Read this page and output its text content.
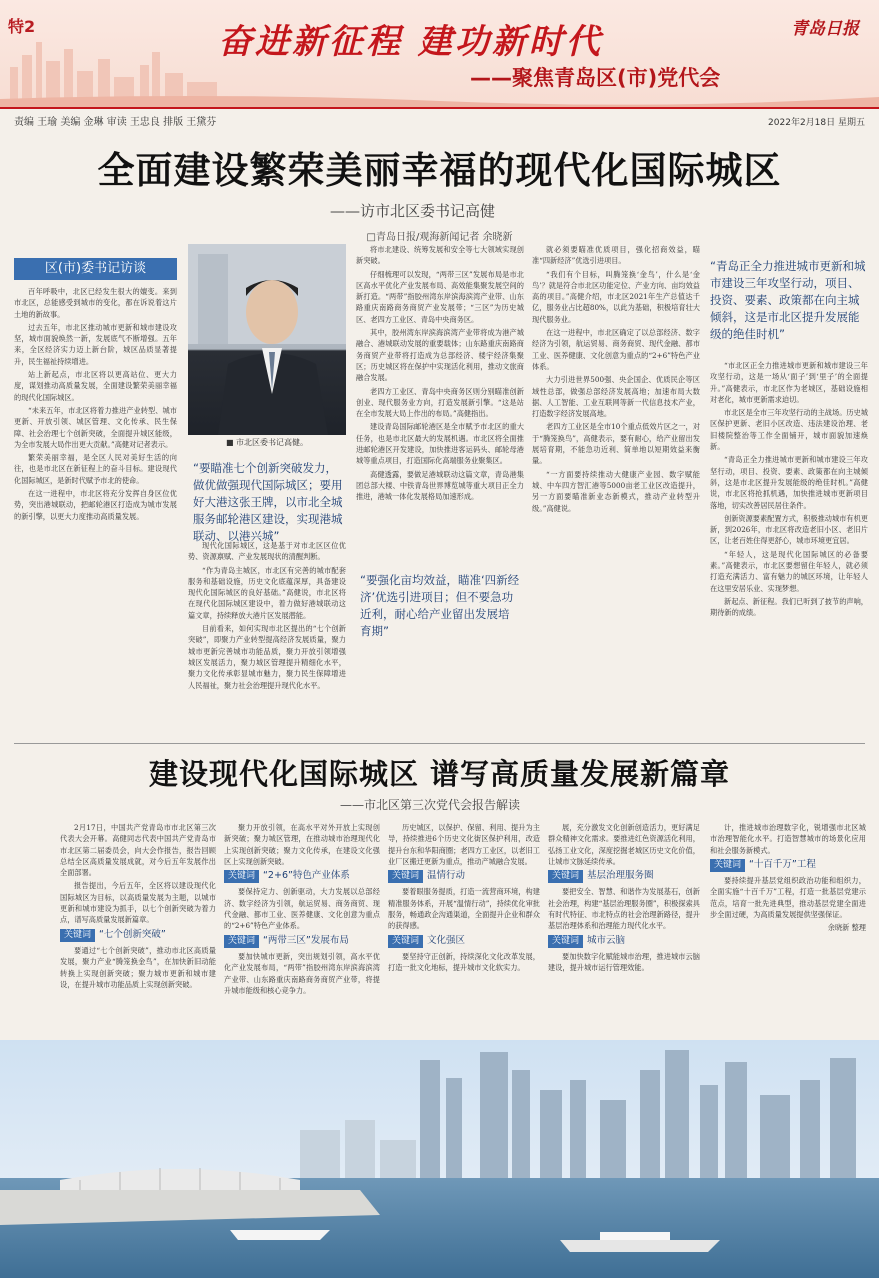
特2	奋进新征程 建功新时代
——聚焦青岛区(市)党代会
青岛日报
责编 王瑜 美编 金琳 审读 王忠良 排版 王黛芬	2022年2月18日 星期五
全面建设繁荣美丽幸福的现代化国际城区
——访市北区委书记高健
□青岛日报/观海新闻记者 余晓新
区(市)委书记访谈

百年呼吸中，北区已经发生很大的嬗变。来到市北区，总能感受到城市的变化，都在诉说着这片土地的新故事。

过去五年，市北区推动城市更新和城市建设攻坚，城市面貌焕然一新，发展底气不断增强。五年来，全区经济实力迈上新台阶，城区品质显著提升，民生福祉持续增进。

站上新起点，市北区将以更高站位、更大力度，谋划推动高质量发展，全面建设繁荣美丽幸福的现代化国际城区。

“未来五年，市北区将着力推进产业转型、城市更新、开放引领、城区管理、文化传承、民生保障、社会治理七个创新突破，全面提升城区能级，为全市发展大局作出更大贡献。”高健对记者表示。

繁荣美丽幸福，是全区人民对美好生活的向往，也是市北区在新征程上的奋斗目标。建设现代化国际城区，是新时代赋予市北的使命。

在这一进程中，市北区将充分发挥自身区位优势，突出港城联动，把邮轮港区打造成为城市发展的新引擎，以更大力度推动高质量发展。

■ 市北区委书记高健。
“要瞄准七个创新突破发力，做优做强现代国际城区；要用好大港这张王牌，以市北全城服务邮轮港区建设，实现港城联动、以港兴城”

现代化国际城区，这是基于对市北区区位优势、资源禀赋、产业发展现状的清醒判断。

“作为青岛主城区，市北区有完善的城市配套服务和基础设施，历史文化底蕴深厚，具备建设现代化国际城区的良好基础。”高健说，市北区将在现代化国际城区建设中，着力做好港城联动这篇文章，持续释放大港片区发展潜能。

目前看来，如何实现市北区提出的“七个创新突破”，即聚力产业转型提高经济发展质量，聚力城市更新完善城市功能品质，聚力开放引领增强城区发展活力，聚力城区管理提升精细化水平，聚力文化传承彰显城市魅力，聚力民生保障增进人民福祉，聚力社会治理提升现代化水平。

将市北建设、统筹发展和安全等七大领域实现创新突破。

仔细梳理可以发现，“两带三区”发展布局是市北区高水平优化产业发展布局、高效能集聚发展空间的新打造。“两带”指胶州湾东岸滨海滨湾产业带、山东路重庆南路商务商贸产业发展带；“三区”为历史城区、老四方工业区、青岛中央商务区。

其中，胶州湾东岸滨海滨湾产业带将成为港产城融合、港城联动发展的重要载体；山东路重庆南路商务商贸产业带将打造成为总部经济、楼宇经济集聚区；历史城区将在保护中实现活化利用，推动文旅商融合发展。

老四方工业区、青岛中央商务区则分别瞄准创新创业、现代服务业方向，打造发展新引擎。“这是站在全市发展大局上作出的布局。”高健指出。

建设青岛国际邮轮港区是全市赋予市北区的重大任务，也是市北区最大的发展机遇。市北区将全面推进邮轮港区开发建设，加快推进客运码头、邮轮母港城等重点项目，打造国际化高端服务业聚集区。

高健透露，要做足港城联动这篇文章，青岛港集团总部大楼、中铁青岛世界博览城等重大项目正全力推进，港城一体化发展格局加速形成。

“要强化亩均效益，瞄准‘四新经济’优选引进项目；但不要急功近利，耐心给产业留出发展培育期”

就必须要瞄准优质项目，强化招商效益，瞄准“四新经济”优选引进项目。

“我们有个目标，叫腾笼换‘金鸟’，什么是‘金鸟’？就是符合市北区功能定位、产业方向、亩均效益高的项目。”高健介绍，市北区2021年生产总值达千亿，服务业占比超80%，以此为基础，积极培育壮大现代服务业。

在这一进程中，市北区确定了以总部经济、数字经济为引领，航运贸易、商务商贸、现代金融、都市工业、医养健康、文化创意为重点的“2+6”特色产业体系。

大力引进世界500强、央企国企、优质民企等区域性总部，做强总部经济发展高地；加速布局大数据、人工智能、工业互联网等新一代信息技术产业，打造数字经济发展高地。

老四方工业区是全市10个重点低效片区之一，对于“腾笼换鸟”，高健表示，要有耐心，给产业留出发展培育期，不能急功近利、简单地以短期效益来衡量。

“一方面要持续推动大健康产业园、数字赋能城、中车四方智汇港等5000亩老工业区改造提升，另一方面要瞄准新业态新模式，推动产业转型升级。”高健说。

“青岛正全力推进城市更新和城市建设三年攻坚行动，项目、投资、要素、政策都在向主城倾斜，这是市北区提升发展能级的绝佳时机”

“市北区正全力推进城市更新和城市建设三年攻坚行动，这是一场从‘面子’到‘里子’的全面提升。”高健表示，市北区作为老城区，基础设施相对老化，城市更新需求迫切。

市北区是全市三年攻坚行动的主战场。历史城区保护更新、老旧小区改造、违法建设治理、老旧楼院整治等工作全面铺开，城市面貌加速焕新。

“青岛正全力推进城市更新和城市建设三年攻坚行动，项目、投资、要素、政策都在向主城倾斜，这是市北区提升发展能级的绝佳时机。”高健说，市北区将抢抓机遇，加快推进城市更新项目落地，切实改善居民居住条件。

创新资源要素配置方式，积极推动城市有机更新，到2026年，市北区将改造老旧小区、老旧片区，让老百姓住得更舒心，城市环境更宜居。

“年轻人，这是现代化国际城区的必备要素。”高健表示，市北区要想留住年轻人，就必须打造充满活力、富有魅力的城区环境，让年轻人在这里安居乐业、实现梦想。

新起点、新征程。我们已听到了披节的声响，期待新的成绩。

建设现代化国际城区 谱写高质量发展新篇章
——市北区第三次党代会报告解读

2月17日，中国共产党青岛市市北区第三次代表大会开幕。高健同志代表中国共产党青岛市市北区第二届委员会，向大会作报告，报告回顾总结全区高质量发展成就，对今后五年发展作出全面部署。

报告提出，今后五年，全区将以建设现代化国际城区为目标，以高质量发展为主题，以城市更新和城市建设为抓手，以七个创新突破为着力点，谱写高质量发展新篇章。

关键词 “七个创新突破”

要通过“七个创新突破”，推动市北区高质量发展，聚力产业“腾笼换金鸟”，在加快新旧动能转换上实现创新突破；聚力城市更新和城市建设，在提升城市功能品质上实现创新突破。

聚力开放引领，在高水平对外开放上实现创新突破；聚力城区管理，在推动城市治理现代化上实现创新突破；聚力文化传承，在建设文化强区上实现创新突破。

关键词 “2+6”特色产业体系

要保持定力、创新驱动，大力发展以总部经济、数字经济为引领，航运贸易、商务商贸、现代金融、都市工业、医养健康、文化创意为重点的“2+6”特色产业体系。

关键词 “两带三区”发展布局

要加快城市更新，突出规划引领，高水平优化产业发展布局，“两带”指胶州湾东岸滨海滨湾产业带、山东路重庆南路商务商贸产业带，将提升城市能级和核心竞争力。

历史城区，以保护、保留、利用、提升为主导，持续推进6个历史文化街区保护利用，改造提升台东和华阳商圈；老四方工业区，以老旧工业厂区搬迁更新为重点，推动产城融合发展。

关键词 温情行动

要着眼服务提质，打造一流营商环境，构建精准服务体系，开展“温情行动”，持续优化审批服务，畅通政企沟通渠道，全面提升企业和群众的获得感。

关键词 文化强区

要坚持守正创新，持续深化文化改革发展，打造一批文化地标，提升城市文化软实力。

展，充分激发文化创新创造活力，更好满足群众精神文化需求。要推进红色资源活化利用，弘扬工业文化，深度挖掘老城区历史文化价值，让城市文脉延续传承。

关键词 基层治理服务圈

要把安全、智慧、和谐作为发展基石，创新社会治理，构建“基层治理服务圈”，积极探索具有时代特征、市北特点的社会治理新路径，提升基层治理体系和治理能力现代化水平。

关键词 城市云脑

要加快数字化赋能城市治理，推进城市云脑建设，提升城市运行管理效能。

计，推进城市治理数字化，锐增强市北区城市治理智能化水平。打造智慧城市的场景化应用和社会服务新模式。

关键词 “十百千万”工程

要持续提升基层党组织政治功能和组织力，全面实施“十百千万”工程，打造一批基层党建示范点，培育一批先进典型，推动基层党建全面进步全面过硬，为高质量发展提供坚强保证。

余晓新 整理
